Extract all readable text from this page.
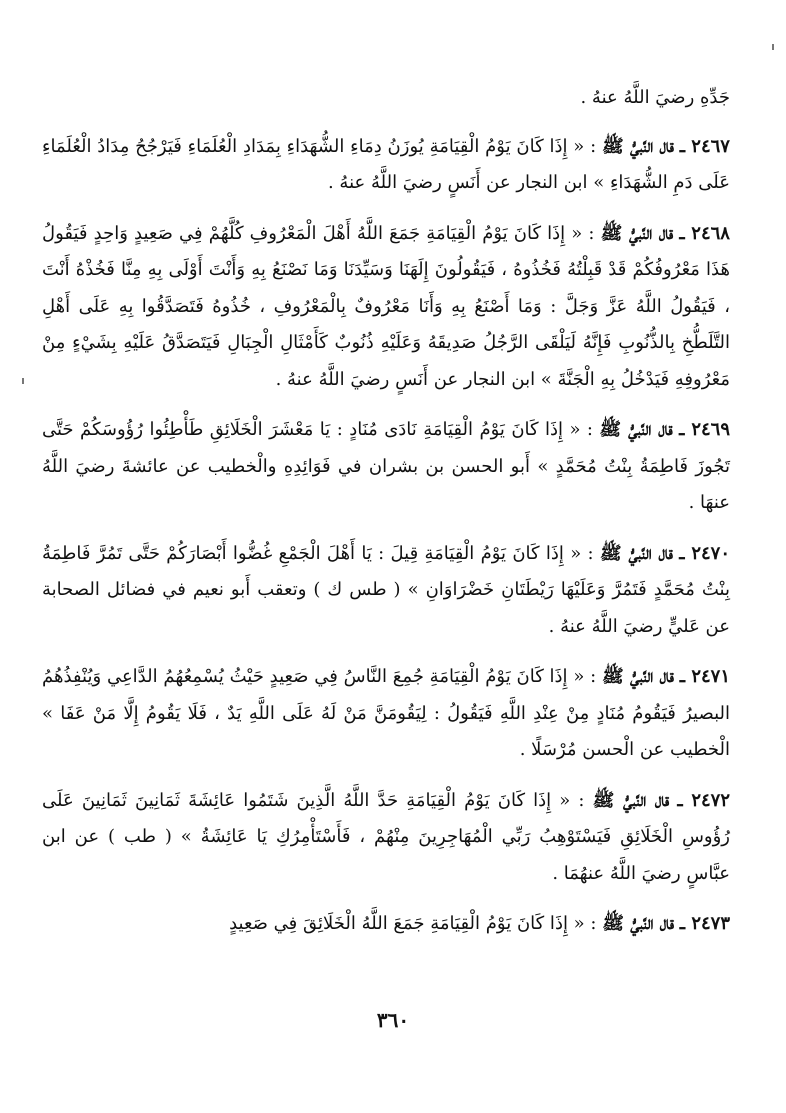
جَدِّهِ رضيَ اللَّهُ عنهُ .

٢٤٦٧ ـ قال النَّبيُّ ﷺ : « إِذَا كَانَ يَوْمُ الْقِيَامَةِ يُوزَنُ دِمَاءِ الشُّهَدَاءِ بِمَدَادِ الْعُلَمَاءِ فَيَرْجُحُ مِدَادُ الْعُلَمَاءِ عَلَى دَمِ الشُّهَدَاءِ » ابن النجار عن أَنَسٍ رضيَ اللَّهُ عنهُ .

٢٤٦٨ ـ قال النَّبيُّ ﷺ : « إِذَا كَانَ يَوْمُ الْقِيَامَةِ جَمَعَ اللَّهُ أَهْلَ الْمَعْرُوفِ كُلَّهُمْ فِي صَعِيدٍ وَاحِدٍ فَيَقُولُ هَذَا مَعْرُوفُكُمْ قَدْ قَبِلْتُهُ فَخُذُوهُ ، فَيَقُولُونَ إِلَهَنَا وَسَيِّدَنَا وَمَا نَصْنَعُ بِهِ وَأَنْتَ أَوْلَى بِهِ مِنَّا فَخُذْهُ أَنْتَ ، فَيَقُولُ اللَّهُ عَزَّ وَجَلَّ : وَمَا أَصْنَعُ بِهِ وَأَنَا مَعْرُوفٌ بِالْمَعْرُوفِ ، خُذُوهُ فَتَصَدَّقُوا بِهِ عَلَى أَهْلِ التَّلَطُّخِ بِالذُّنُوبِ فَإِنَّهُ لَيَلْقَى الرَّجُلُ صَدِيقَهُ وَعَلَيْهِ ذُنُوبٌ كَأَمْثَالِ الْجِبَالِ فَيَتَصَدَّقُ عَلَيْهِ بِشَيْءٍ مِنْ مَعْرُوفِهِ فَيَدْخُلُ بِهِ الْجَنَّةَ » ابن النجار عن أَنَسٍ رضيَ اللَّهُ عنهُ .

٢٤٦٩ ـ قال النَّبيُّ ﷺ : « إِذَا كَانَ يَوْمُ الْقِيَامَةِ نَادَى مُنَادٍ : يَا مَعْشَرَ الْخَلَائِقِ طَأْطِئُوا رُؤُوسَكُمْ حَتَّى تَجُوزَ فَاطِمَةُ بِنْتُ مُحَمَّدٍ » أَبو الحسن بن بشران في فَوَائِدِهِ والْخطيب عن عائشةَ رضيَ اللَّهُ عنهَا .

٢٤٧٠ ـ قال النَّبيُّ ﷺ : « إِذَا كَانَ يَوْمُ الْقِيَامَةِ قِيلَ : يَا أَهْلَ الْجَمْعِ غُضُّوا أَبْصَارَكُمْ حَتَّى تَمُرَّ فَاطِمَةُ بِنْتُ مُحَمَّدٍ فَتَمُرَّ وَعَلَيْهَا رَيْطَتَانِ خَضْرَاوَانِ » ( طس ك ) وتعقب أَبو نعيم في فضائل الصحابة عن عَليٍّ رضيَ اللَّهُ عنهُ .

٢٤٧١ ـ قال النَّبيُّ ﷺ : « إِذَا كَانَ يَوْمُ الْقِيَامَةِ جُمِعَ النَّاسُ فِي صَعِيدٍ حَيْثُ يُسْمِعُهُمُ الدَّاعِي وَيُنْفِذُهُمُ البصيرُ فَيَقُومُ مُنَادٍ مِنْ عِنْدِ اللَّهِ فَيَقُولُ : لِيَقُومَنَّ مَنْ لَهُ عَلَى اللَّهِ يَدٌ ، فَلَا يَقُومُ إِلَّا مَنْ عَفَا » الْخطيب عن الْحسن مُرْسَلًا .

٢٤٧٢ ـ قال النَّبيُّ ﷺ : « إِذَا كَانَ يَوْمُ الْقِيَامَةِ حَدَّ اللَّهُ الَّذِينَ شَتَمُوا عَائِشَةَ ثَمَانِينَ ثَمَانِينَ عَلَى رُؤُوسِ الْخَلَائِقِ فَيَسْتَوْهِبُ رَبِّي الْمُهَاجِرِينَ مِنْهُمْ ، فَأَسْتَأْمِرُكِ يَا عَائِشَةُ » ( طب ) عن ابن عبَّاسٍ رضيَ اللَّهُ عنهُمَا .

٢٤٧٣ ـ قال النَّبيُّ ﷺ : « إِذَا كَانَ يَوْمُ الْقِيَامَةِ جَمَعَ اللَّهُ الْخَلَائِقَ فِي صَعِيدٍ

٣٦٠
